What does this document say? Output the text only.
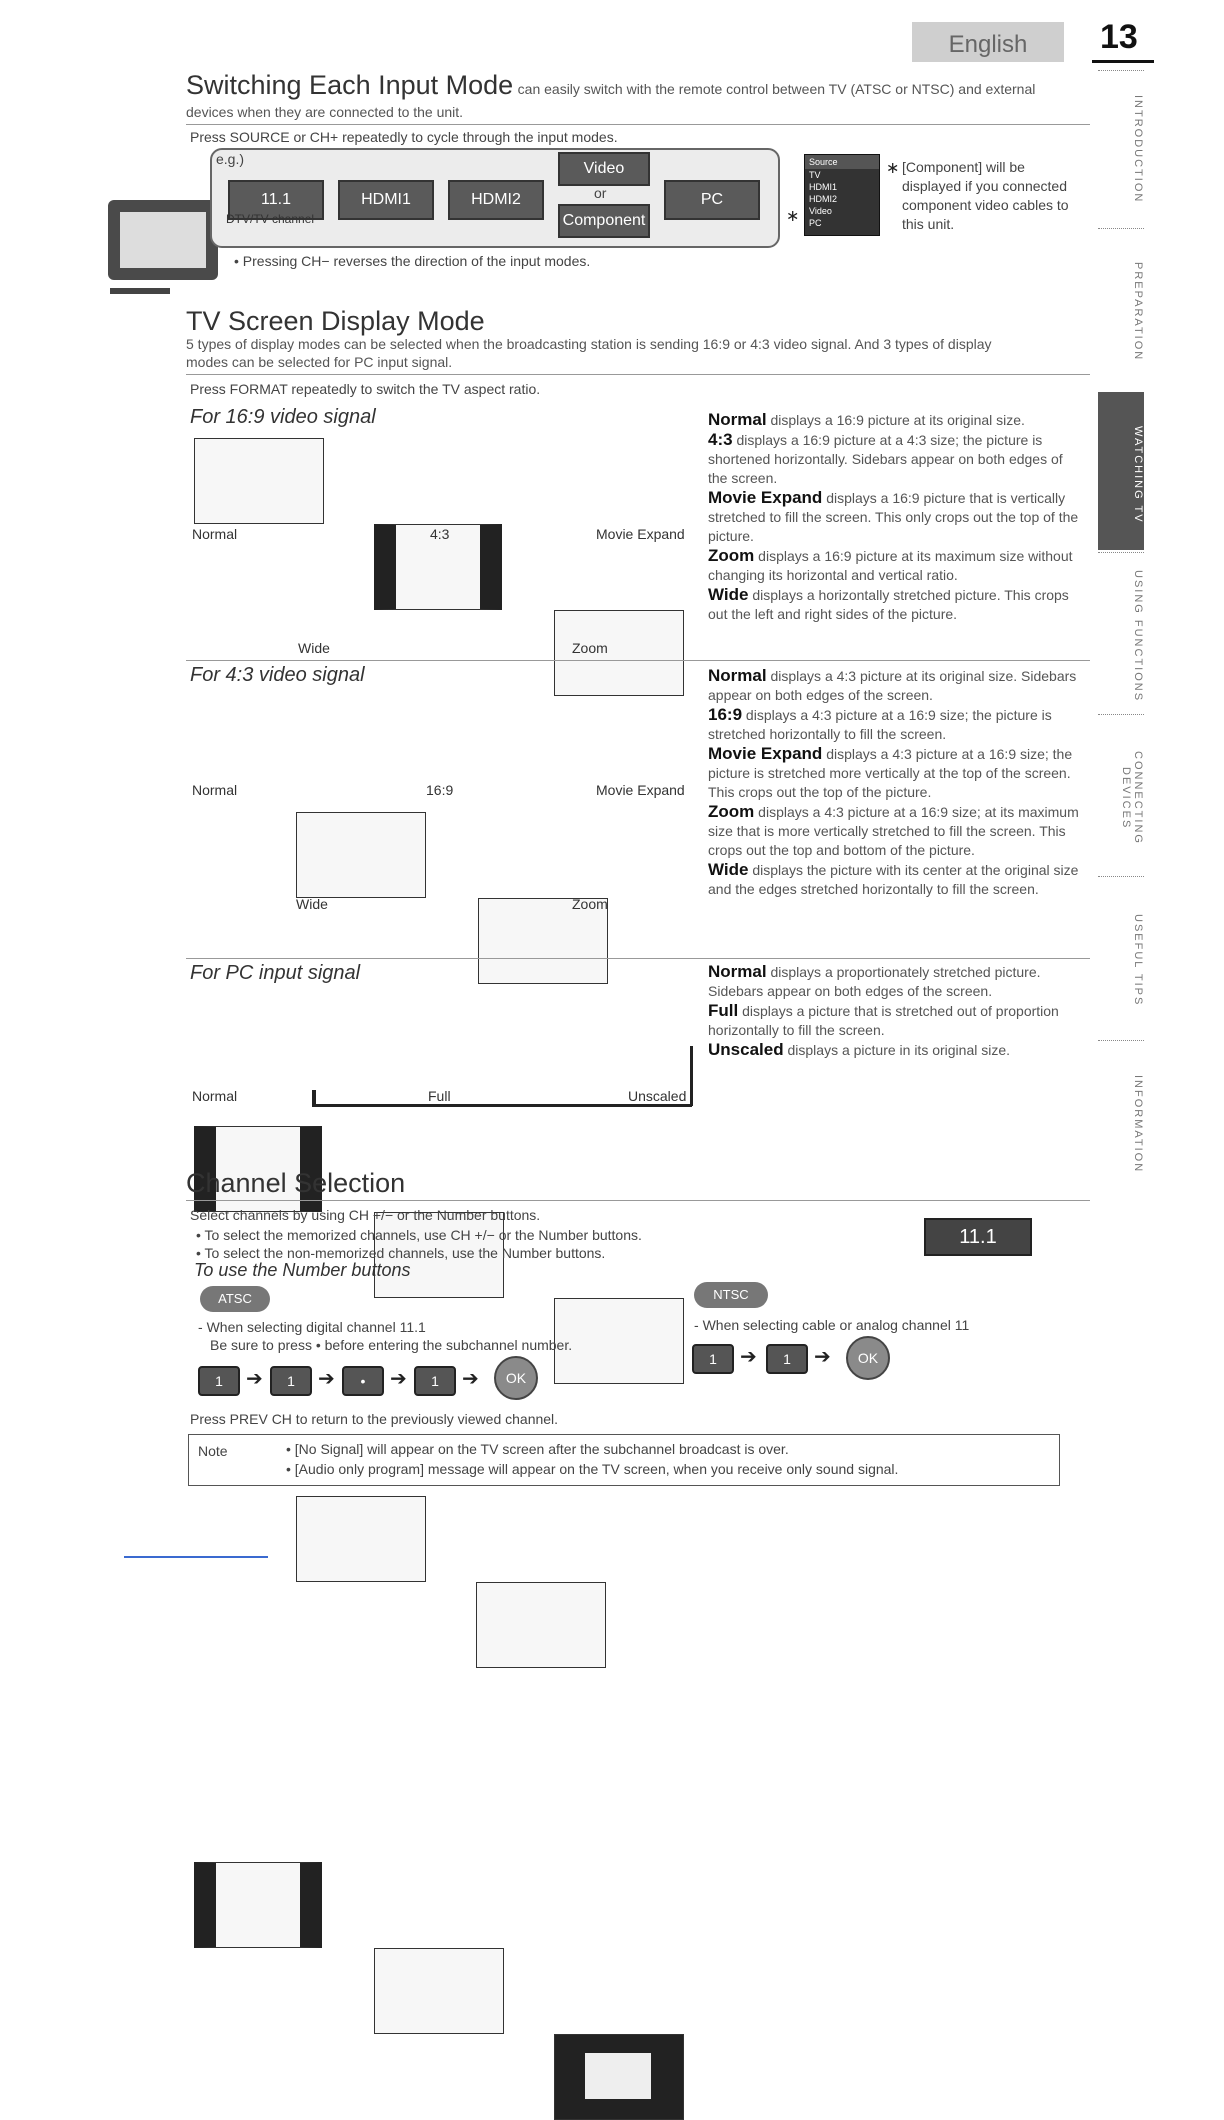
English	13
INTRODUCTION
PREPARATION
WATCHING TV
USING FUNCTIONS
CONNECTING DEVICES
USEFUL TIPS
INFORMATION
Switching Each Input Mode can easily switch with the remote control between TV (ATSC or NTSC) and external
devices when they are connected to the unit.
Press SOURCE or CH+ repeatedly to cycle through the input modes.
e.g.)
11.1	HDMI1	HDMI2
Video
or
Component
PC
DTV/TV channel
• Pressing CH− reverses the direction of the input modes.
Source
TV
HDMI1
HDMI2
Video
PC
∗
∗ [Component] will be displayed if you connected component video cables to this unit.
TV Screen Display Mode
5 types of display modes can be selected when the broadcasting station is sending 16:9 or 4:3 video signal. And 3 types of display
modes can be selected for PC input signal.
Press FORMAT repeatedly to switch the TV aspect ratio.
For 16:9 video signal
Normal	4:3	Movie Expand
Wide	Zoom
Normal displays a 16:9 picture at its original size.
4:3 displays a 16:9 picture at a 4:3 size; the picture is shortened horizontally. Sidebars appear on both edges of the screen.
Movie Expand displays a 16:9 picture that is vertically stretched to fill the screen. This only crops out the top of the picture.
Zoom displays a 16:9 picture at its maximum size without changing its horizontal and vertical ratio.
Wide displays a horizontally stretched picture. This crops out the left and right sides of the picture.
For 4:3 video signal
Normal	16:9	Movie Expand
Wide	Zoom
Normal displays a 4:3 picture at its original size. Sidebars appear on both edges of the screen.
16:9 displays a 4:3 picture at a 16:9 size; the picture is stretched horizontally to fill the screen.
Movie Expand displays a 4:3 picture at a 16:9 size; the picture is stretched more vertically at the top of the screen. This crops out the top of the picture.
Zoom displays a 4:3 picture at a 16:9 size; at its maximum size that is more vertically stretched to fill the screen. This crops out the top and bottom of the picture.
Wide displays the picture with its center at the original size and the edges stretched horizontally to fill the screen.
For PC input signal
Normal	Full	Unscaled
Normal displays a proportionately stretched picture. Sidebars appear on both edges of the screen.
Full displays a picture that is stretched out of proportion horizontally to fill the screen.
Unscaled displays a picture in its original size.
Channel Selection
Select channels by using CH +/− or the Number buttons.
• To select the memorized channels, use CH +/− or the Number buttons.
• To select the non-memorized channels, use the Number buttons.
11.1
To use the Number buttons
ATSC	NTSC
- When selecting digital channel 11.1
Be sure to press • before entering the subchannel number.
- When selecting cable or analog channel 11
1	➔	1	➔	•	➔	1	➔	OK
1	➔	1	➔	OK
Press PREV CH to return to the previously viewed channel.
Note	• [No Signal] will appear on the TV screen after the subchannel broadcast is over.
• [Audio only program] message will appear on the TV screen, when you receive only sound signal.
